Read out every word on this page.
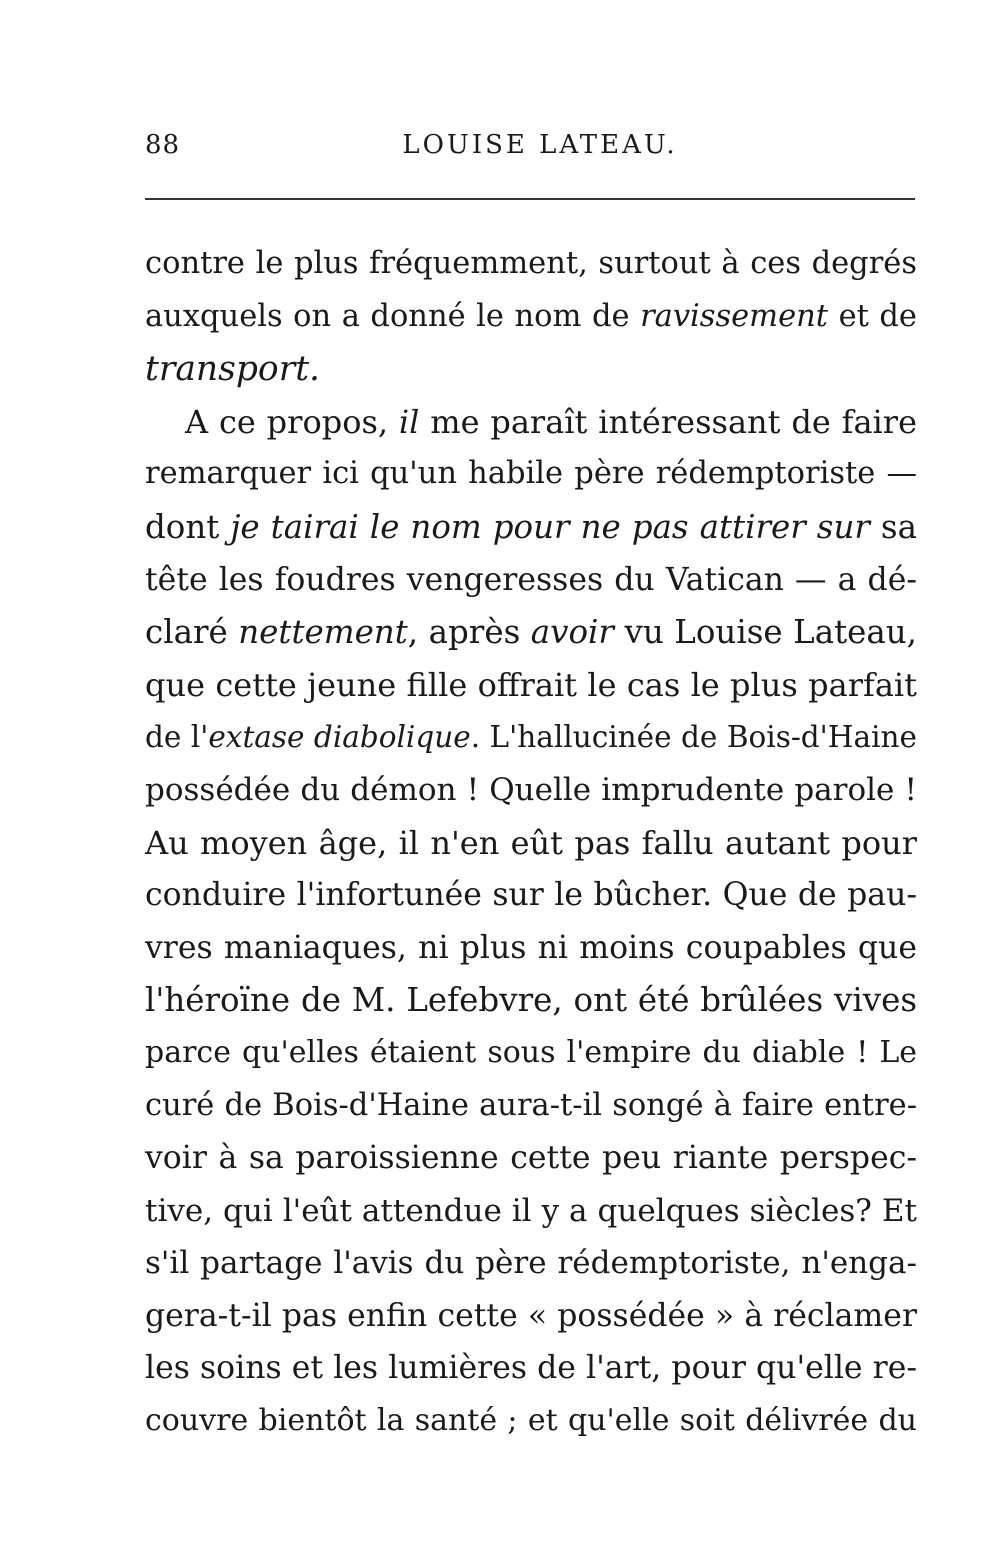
88	LOUISE LATEAU.
contre le plus fréquemment, surtout à ces degrés
auxquels on a donné le nom de ravissement et de
transport.
A ce propos, il me paraît intéressant de faire
remarquer ici qu'un habile père rédemptoriste —
dont je tairai le nom pour ne pas attirer sur sa
tête les foudres vengeresses du Vatican — a dé-
claré nettement, après avoir vu Louise Lateau,
que cette jeune fille offrait le cas le plus parfait
de l'extase diabolique. L'hallucinée de Bois-d'Haine
possédée du démon ! Quelle imprudente parole !
Au moyen âge, il n'en eût pas fallu autant pour
conduire l'infortunée sur le bûcher. Que de pau-
vres maniaques, ni plus ni moins coupables que
l'héroïne de M. Lefebvre, ont été brûlées vives
parce qu'elles étaient sous l'empire du diable ! Le
curé de Bois-d'Haine aura-t-il songé à faire entre-
voir à sa paroissienne cette peu riante perspec-
tive, qui l'eût attendue il y a quelques siècles? Et
s'il partage l'avis du père rédemptoriste, n'enga-
gera-t-il pas enfin cette « possédée » à réclamer
les soins et les lumières de l'art, pour qu'elle re-
couvre bientôt la santé ; et qu'elle soit délivrée du
